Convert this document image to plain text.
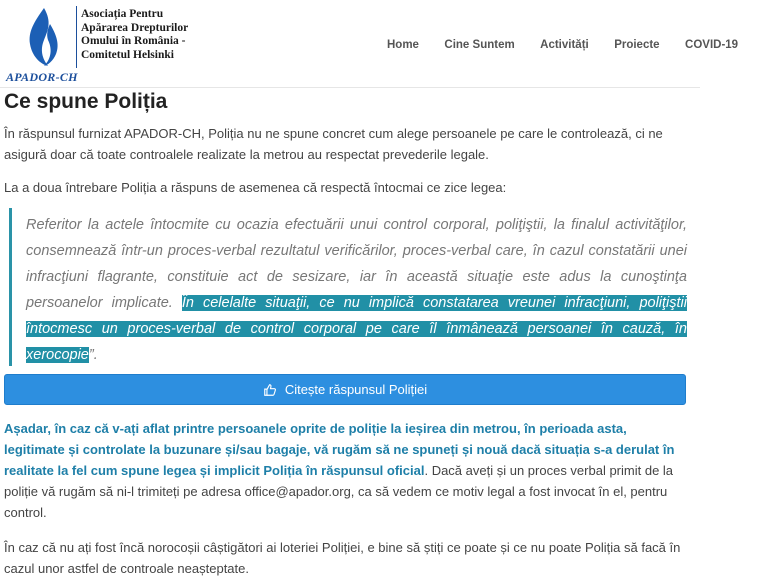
APADOR-CH
Asociația Pentru
Apărarea Drepturilor
Omului în România -
Comitetul Helsinki
Home Cine Suntem Activități Proiecte COVID-19
Ce spune Poliția

În răspunsul furnizat APADOR-CH, Poliția nu ne spune concret cum alege persoanele pe care le controlează, ci ne asigură doar că toate controalele realizate la metrou au respectat prevederile legale.

La a doua întrebare Poliția a răspuns de asemenea că respectă întocmai ce zice legea:

Referitor la actele întocmite cu ocazia efectuării unui control corporal, poliţiştii, la finalul activităţilor, consemnează într-un proces-verbal rezultatul verificărilor, proces-verbal care, în cazul constatării unei infracţiuni flagrante, constituie act de sesizare, iar în această situaţie este adus la cunoştinţa persoanelor implicate. În celelalte situaţii, ce nu implică constatarea vreunei infracţiuni, poliţiştii întocmesc un proces-verbal de control corporal pe care îl înmânează persoanei în cauză, în xerocopie”.

Citește răspunsul Poliției

Așadar, în caz că v-ați aflat printre persoanele oprite de poliție la ieșirea din metrou, în perioada asta, legitimate și controlate la buzunare și/sau bagaje, vă rugăm să ne spuneți și nouă dacă situația s-a derulat în realitate la fel cum spune legea și implicit Poliția în răspunsul oficial. Dacă aveți și un proces verbal primit de la poliție vă rugăm să ni-l trimiteți pe adresa office@apador.org, ca să vedem ce motiv legal a fost invocat în el, pentru control.

În caz că nu ați fost încă norocoșii câștigători ai loteriei Poliției, e bine să știți ce poate și ce nu poate Poliția să facă în cazul unor astfel de controale neașteptate.
